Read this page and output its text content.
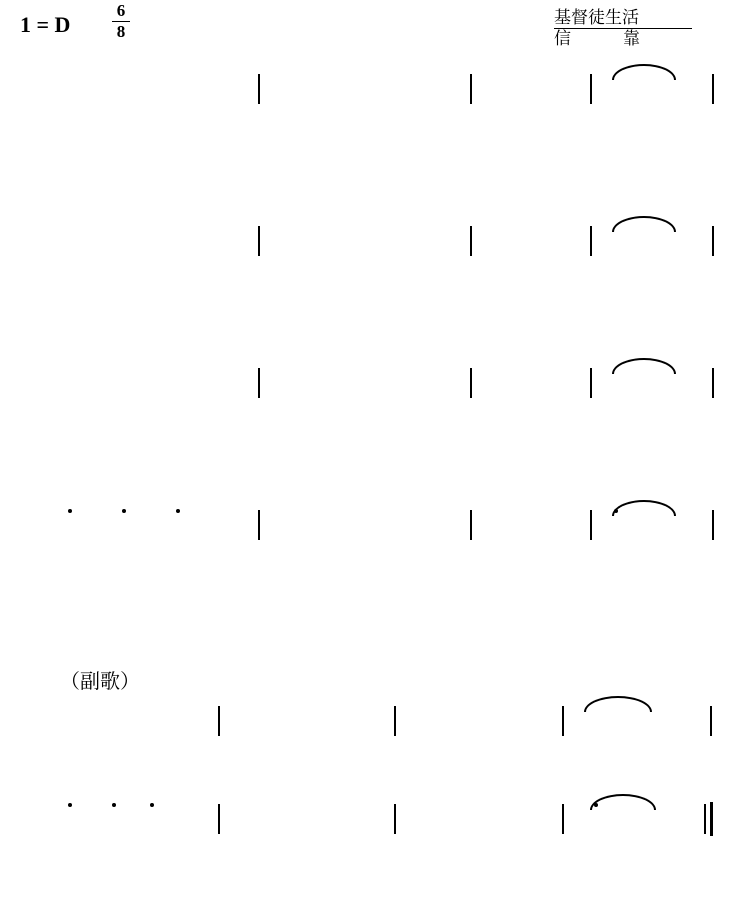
1 = D
6
8
基督徒生活
信靠
（副歌）
